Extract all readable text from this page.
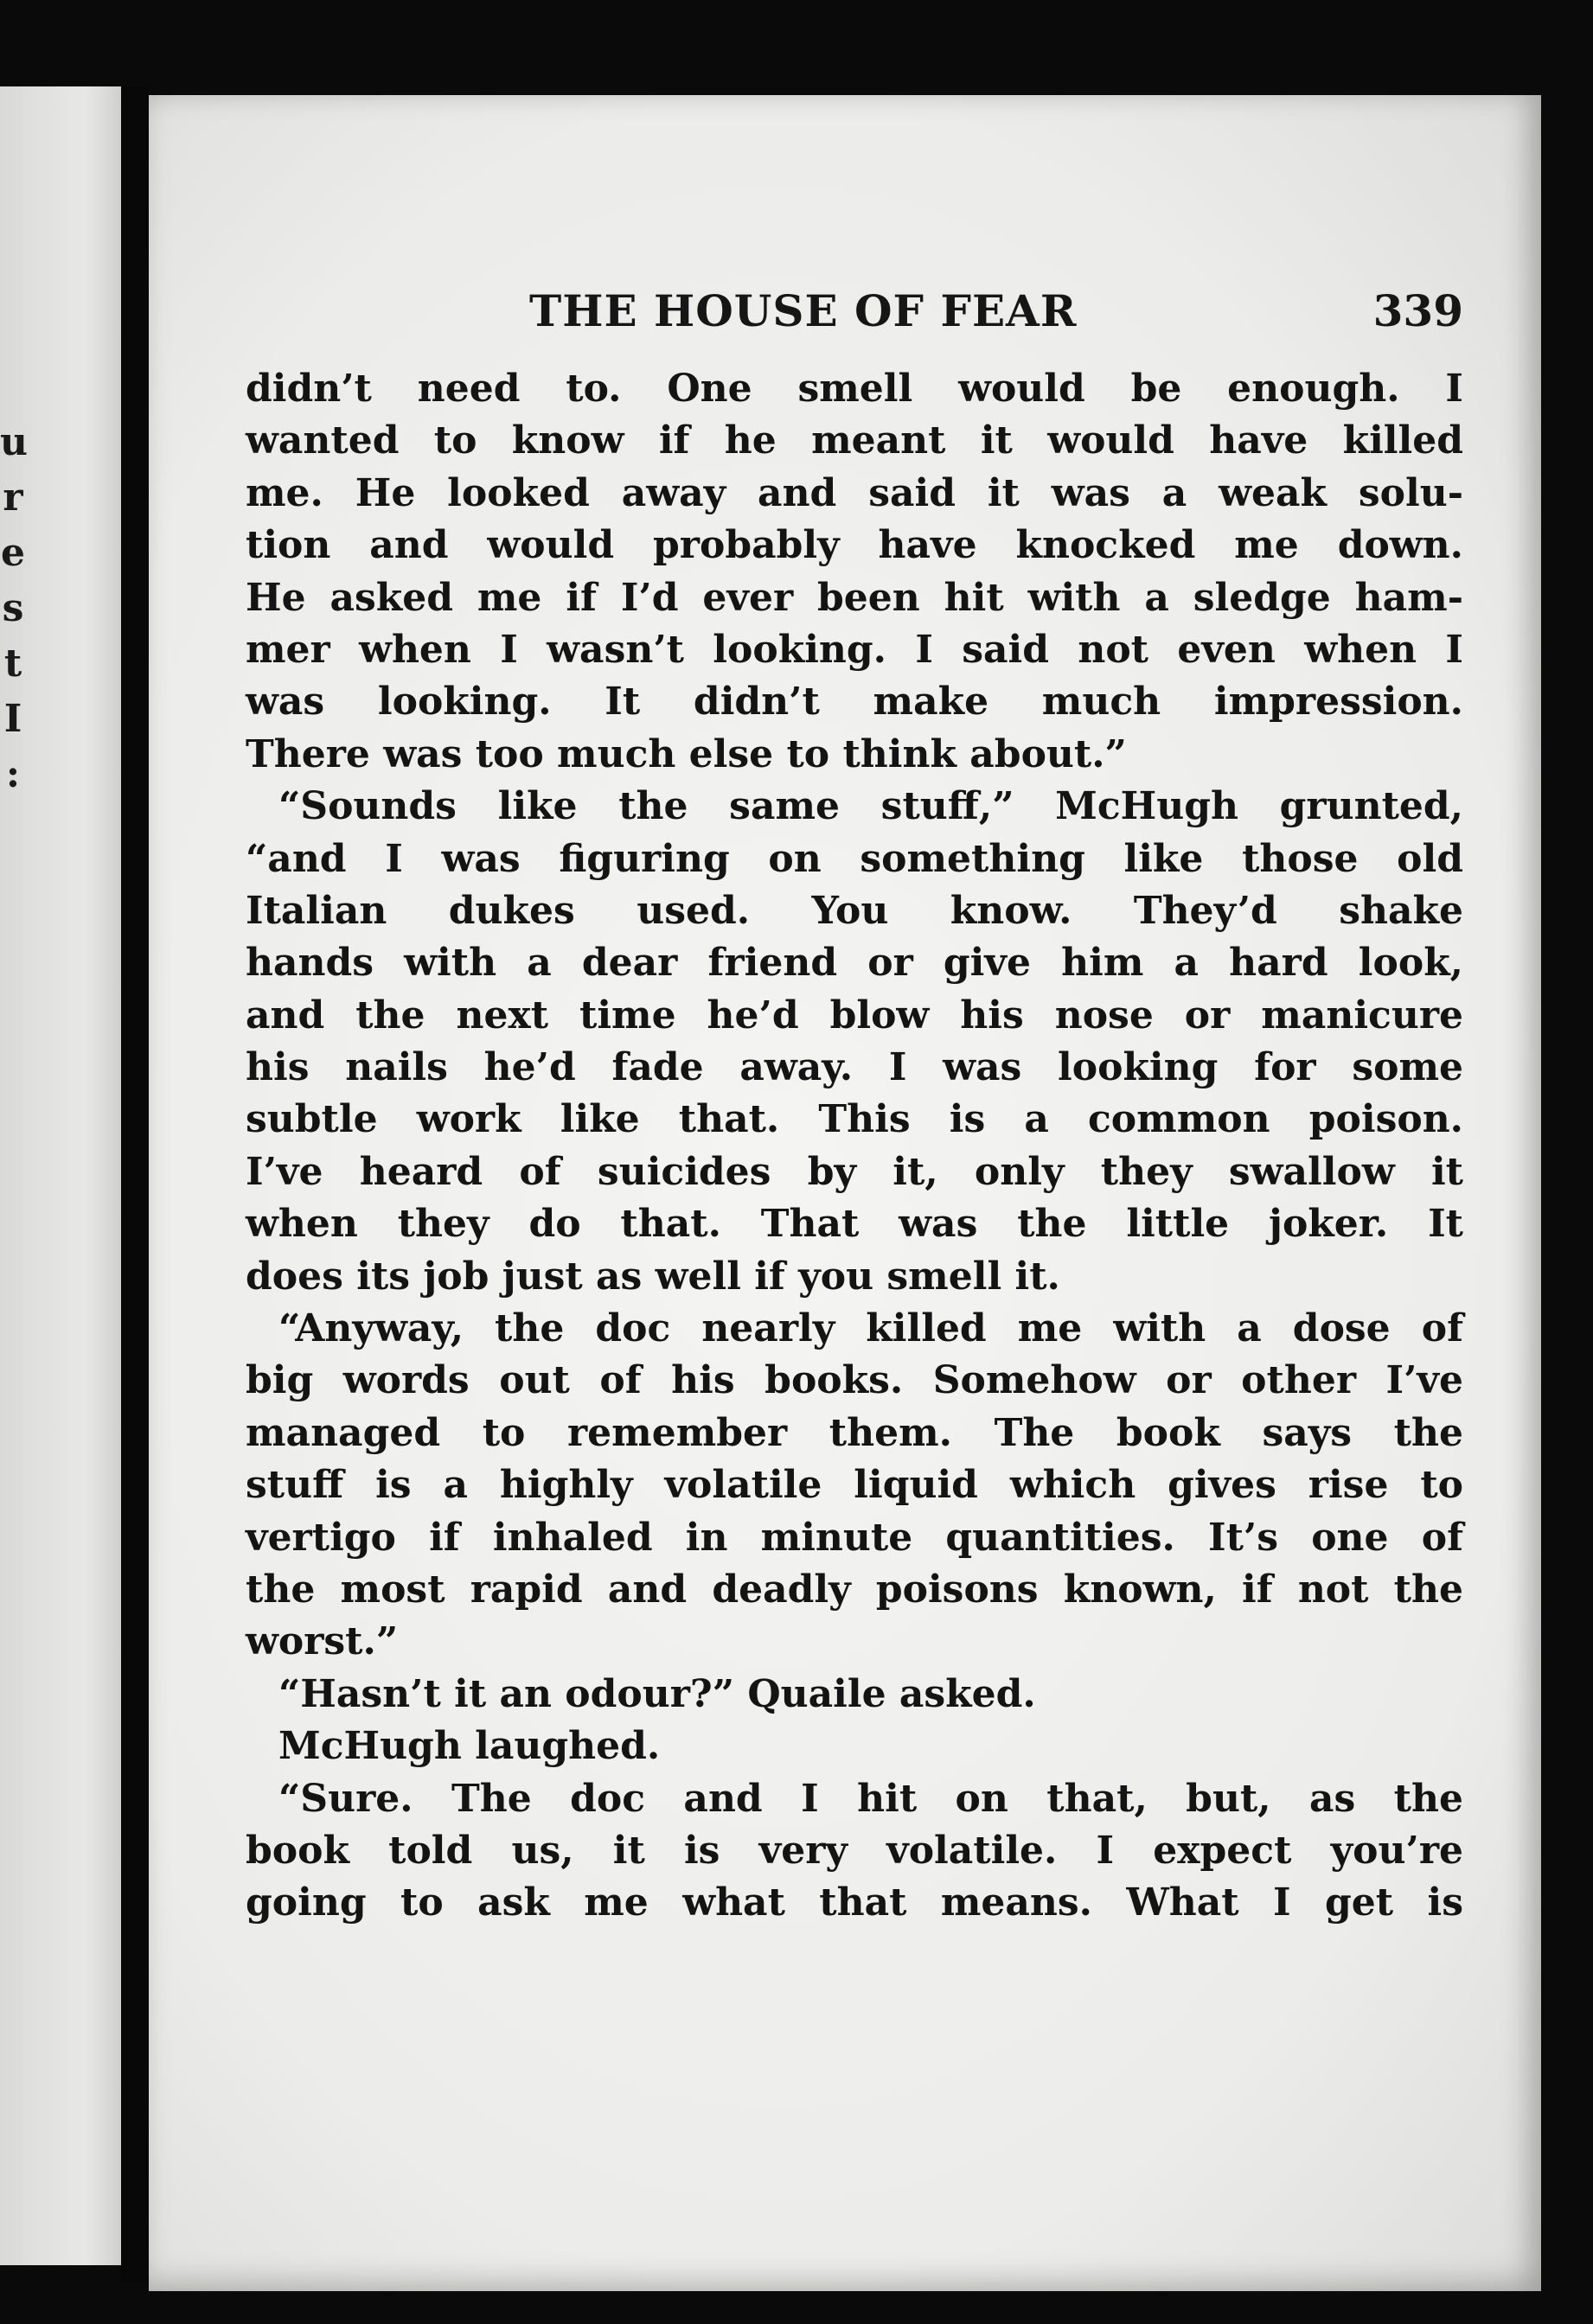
u
r
e
s
t
I
:
THE HOUSE OF FEAR	339
didn’t need to. One smell would be enough. I
wanted to know if he meant it would have killed
me. He looked away and said it was a weak solu-
tion and would probably have knocked me down.
He asked me if I’d ever been hit with a sledge ham-
mer when I wasn’t looking. I said not even when I
was looking. It didn’t make much impression.
There was too much else to think about.”
“Sounds like the same stuff,” McHugh grunted,
“and I was figuring on something like those old
Italian dukes used. You know. They’d shake
hands with a dear friend or give him a hard look,
and the next time he’d blow his nose or manicure
his nails he’d fade away. I was looking for some
subtle work like that. This is a common poison.
I’ve heard of suicides by it, only they swallow it
when they do that. That was the little joker. It
does its job just as well if you smell it.
“Anyway, the doc nearly killed me with a dose of
big words out of his books. Somehow or other I’ve
managed to remember them. The book says the
stuff is a highly volatile liquid which gives rise to
vertigo if inhaled in minute quantities. It’s one of
the most rapid and deadly poisons known, if not the
worst.”
“Hasn’t it an odour?” Quaile asked.
McHugh laughed.
“Sure. The doc and I hit on that, but, as the
book told us, it is very volatile. I expect you’re
going to ask me what that means. What I get is
